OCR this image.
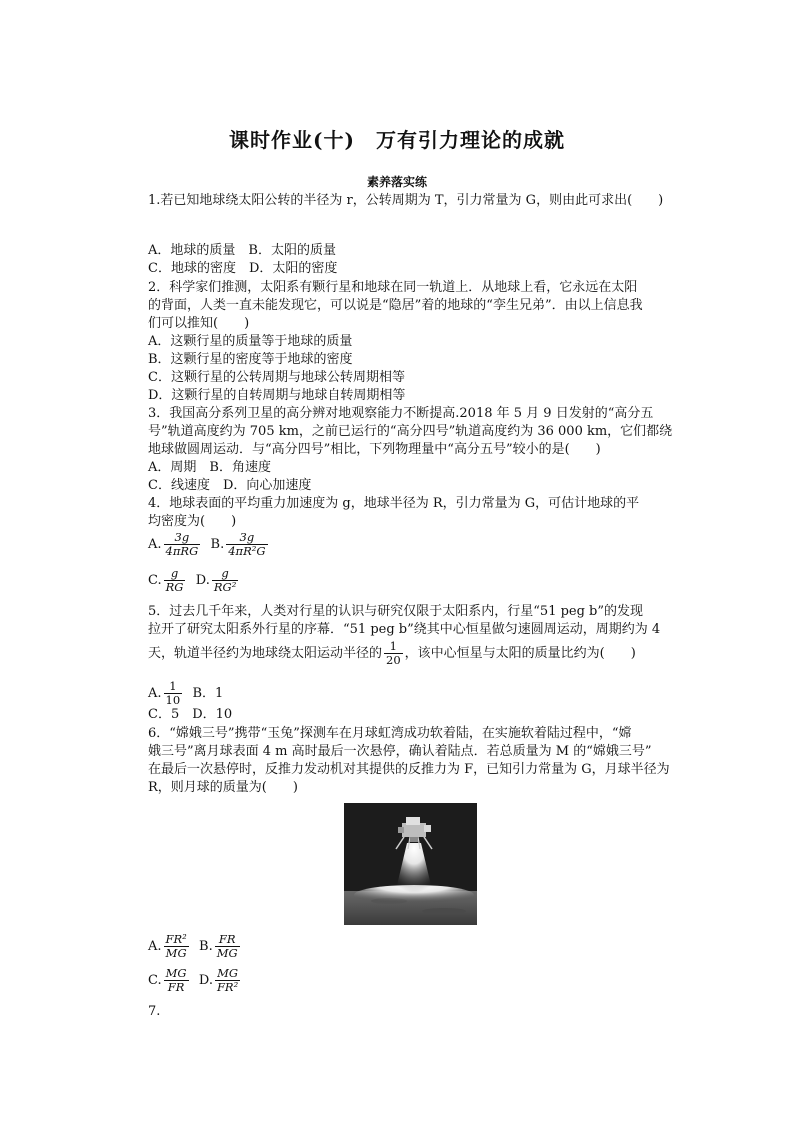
课时作业(十)　万有引力理论的成就
素养落实练
1.若已知地球绕太阳公转的半径为 r，公转周期为 T，引力常量为 G，则由此可求出(　　)
A．地球的质量　B．太阳的质量
C．地球的密度　D．太阳的密度
2．科学家们推测，太阳系有颗行星和地球在同一轨道上．从地球上看，它永远在太阳
的背面，人类一直未能发现它，可以说是“隐居”着的地球的“孪生兄弟”．由以上信息我
们可以推知(　　)
A．这颗行星的质量等于地球的质量
B．这颗行星的密度等于地球的密度
C．这颗行星的公转周期与地球公转周期相等
D．这颗行星的自转周期与地球自转周期相等
3．我国高分系列卫星的高分辨对地观察能力不断提高.2018 年 5 月 9 日发射的“高分五
号”轨道高度约为 705 km，之前已运行的“高分四号”轨道高度约为 36 000 km，它们都绕
地球做圆周运动．与“高分四号”相比，下列物理量中“高分五号”较小的是(　　)
A．周期　B．角速度
C．线速度　D．向心加速度
4．地球表面的平均重力加速度为 g，地球半径为 R，引力常量为 G，可估计地球的平
均密度为(　　)
A. $\frac{3g}{\text{4πRG}} B$. $\frac{3g}{\text{4πR²G}}$
C. $\frac{g}{RG} D$. $\frac{g}{\text{RG²}}$
5．过去几千年来，人类对行星的认识与研究仅限于太阳系内，行星“51 peg b”的发现
拉开了研究太阳系外行星的序幕．“51 peg b”绕其中心恒星做匀速圆周运动，周期约为 4
天，轨道半径约为地球绕太阳运动半径的 $\frac{1}{20}$ ，该中心恒星与太阳的质量比约为(　　)
A. $\frac{1}{10}$ B．1
C．5　D．10
6．“嫦娥三号”携带“玉兔”探测车在月球虹湾成功软着陆，在实施软着陆过程中，“嫦
娥三号”离月球表面 4 m 高时最后一次悬停，确认着陆点．若总质量为 M 的“嫦娥三号”
在最后一次悬停时，反推力发动机对其提供的反推力为 F，已知引力常量为 G，月球半径为
R，则月球的质量为(　　)
A. $\frac{\text{FR²}}{MG} B$. $\frac{FR}{MG}$
C. $\frac{MG}{FR} D$. $\frac{MG}{\text{FR²}}$
7.
